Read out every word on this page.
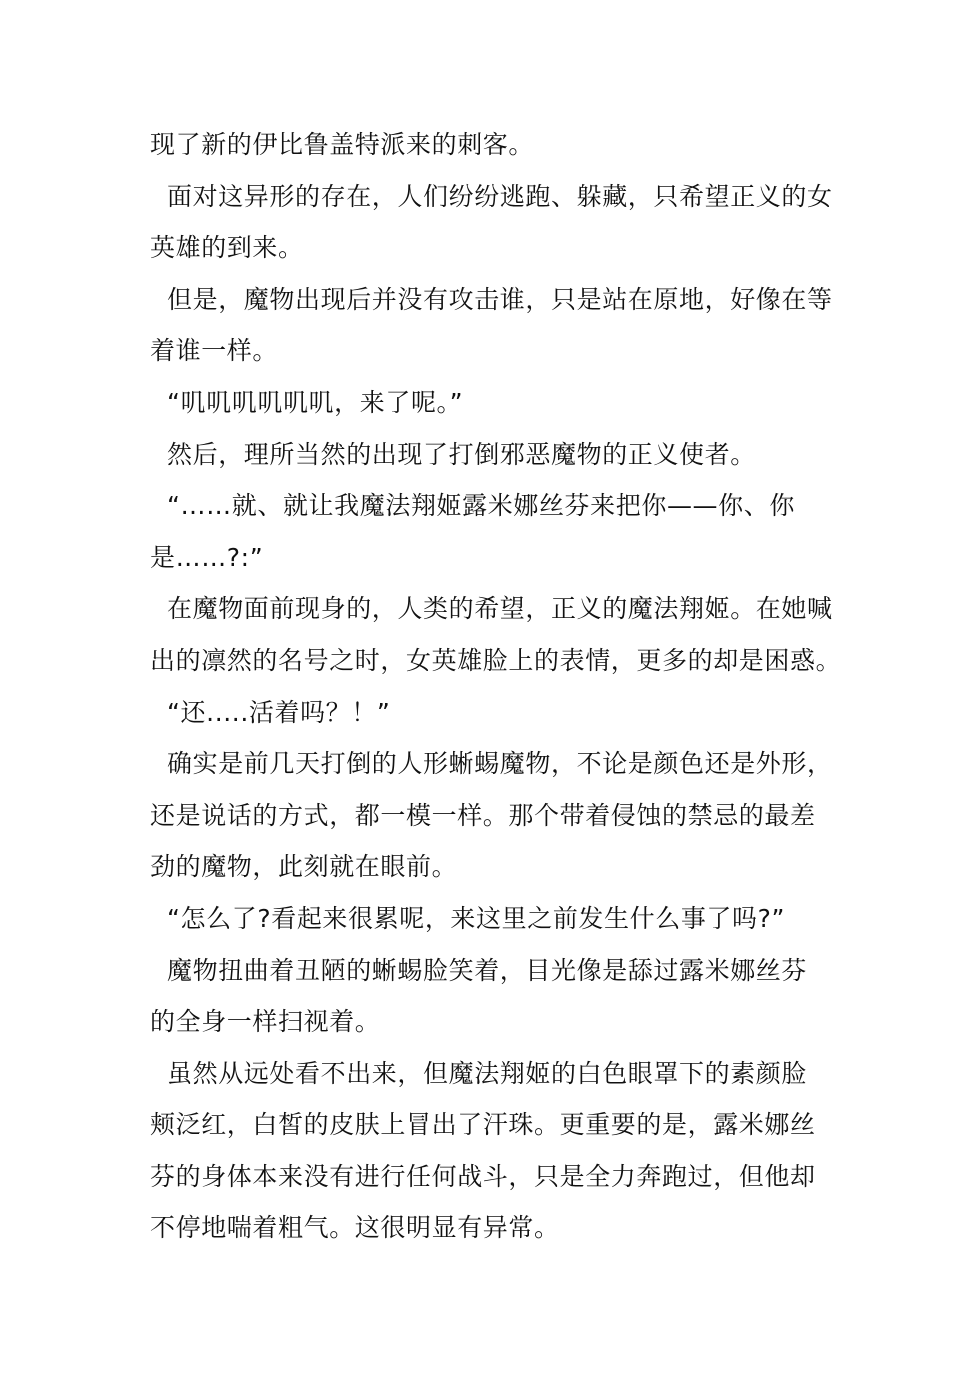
现了新的伊比鲁盖特派来的刺客。
面对这异形的存在，人们纷纷逃跑、躲藏，只希望正义的女
英雄的到来。
但是，魔物出现后并没有攻击谁，只是站在原地，好像在等
着谁一样。
“叽叽叽叽叽叽，来了呢。”
然后，理所当然的出现了打倒邪恶魔物的正义使者。
“……就、就让我魔法翔姬露米娜丝芬来把你——你、你
是……?:”
在魔物面前现身的，人类的希望，正义的魔法翔姬。在她喊
出的凛然的名号之时，女英雄脸上的表情，更多的却是困惑。
“还.....活着吗？！”
确实是前几天打倒的人形蜥蜴魔物，不论是颜色还是外形，
还是说话的方式，都一模一样。那个带着侵蚀的禁忌的最差
劲的魔物，此刻就在眼前。
“怎么了?看起来很累呢，来这里之前发生什么事了吗?”
魔物扭曲着丑陋的蜥蜴脸笑着，目光像是舔过露米娜丝芬
的全身一样扫视着。
虽然从远处看不出来，但魔法翔姬的白色眼罩下的素颜脸
颊泛红，白皙的皮肤上冒出了汗珠。更重要的是，露米娜丝
芬的身体本来没有进行任何战斗，只是全力奔跑过，但他却
不停地喘着粗气。这很明显有异常。
